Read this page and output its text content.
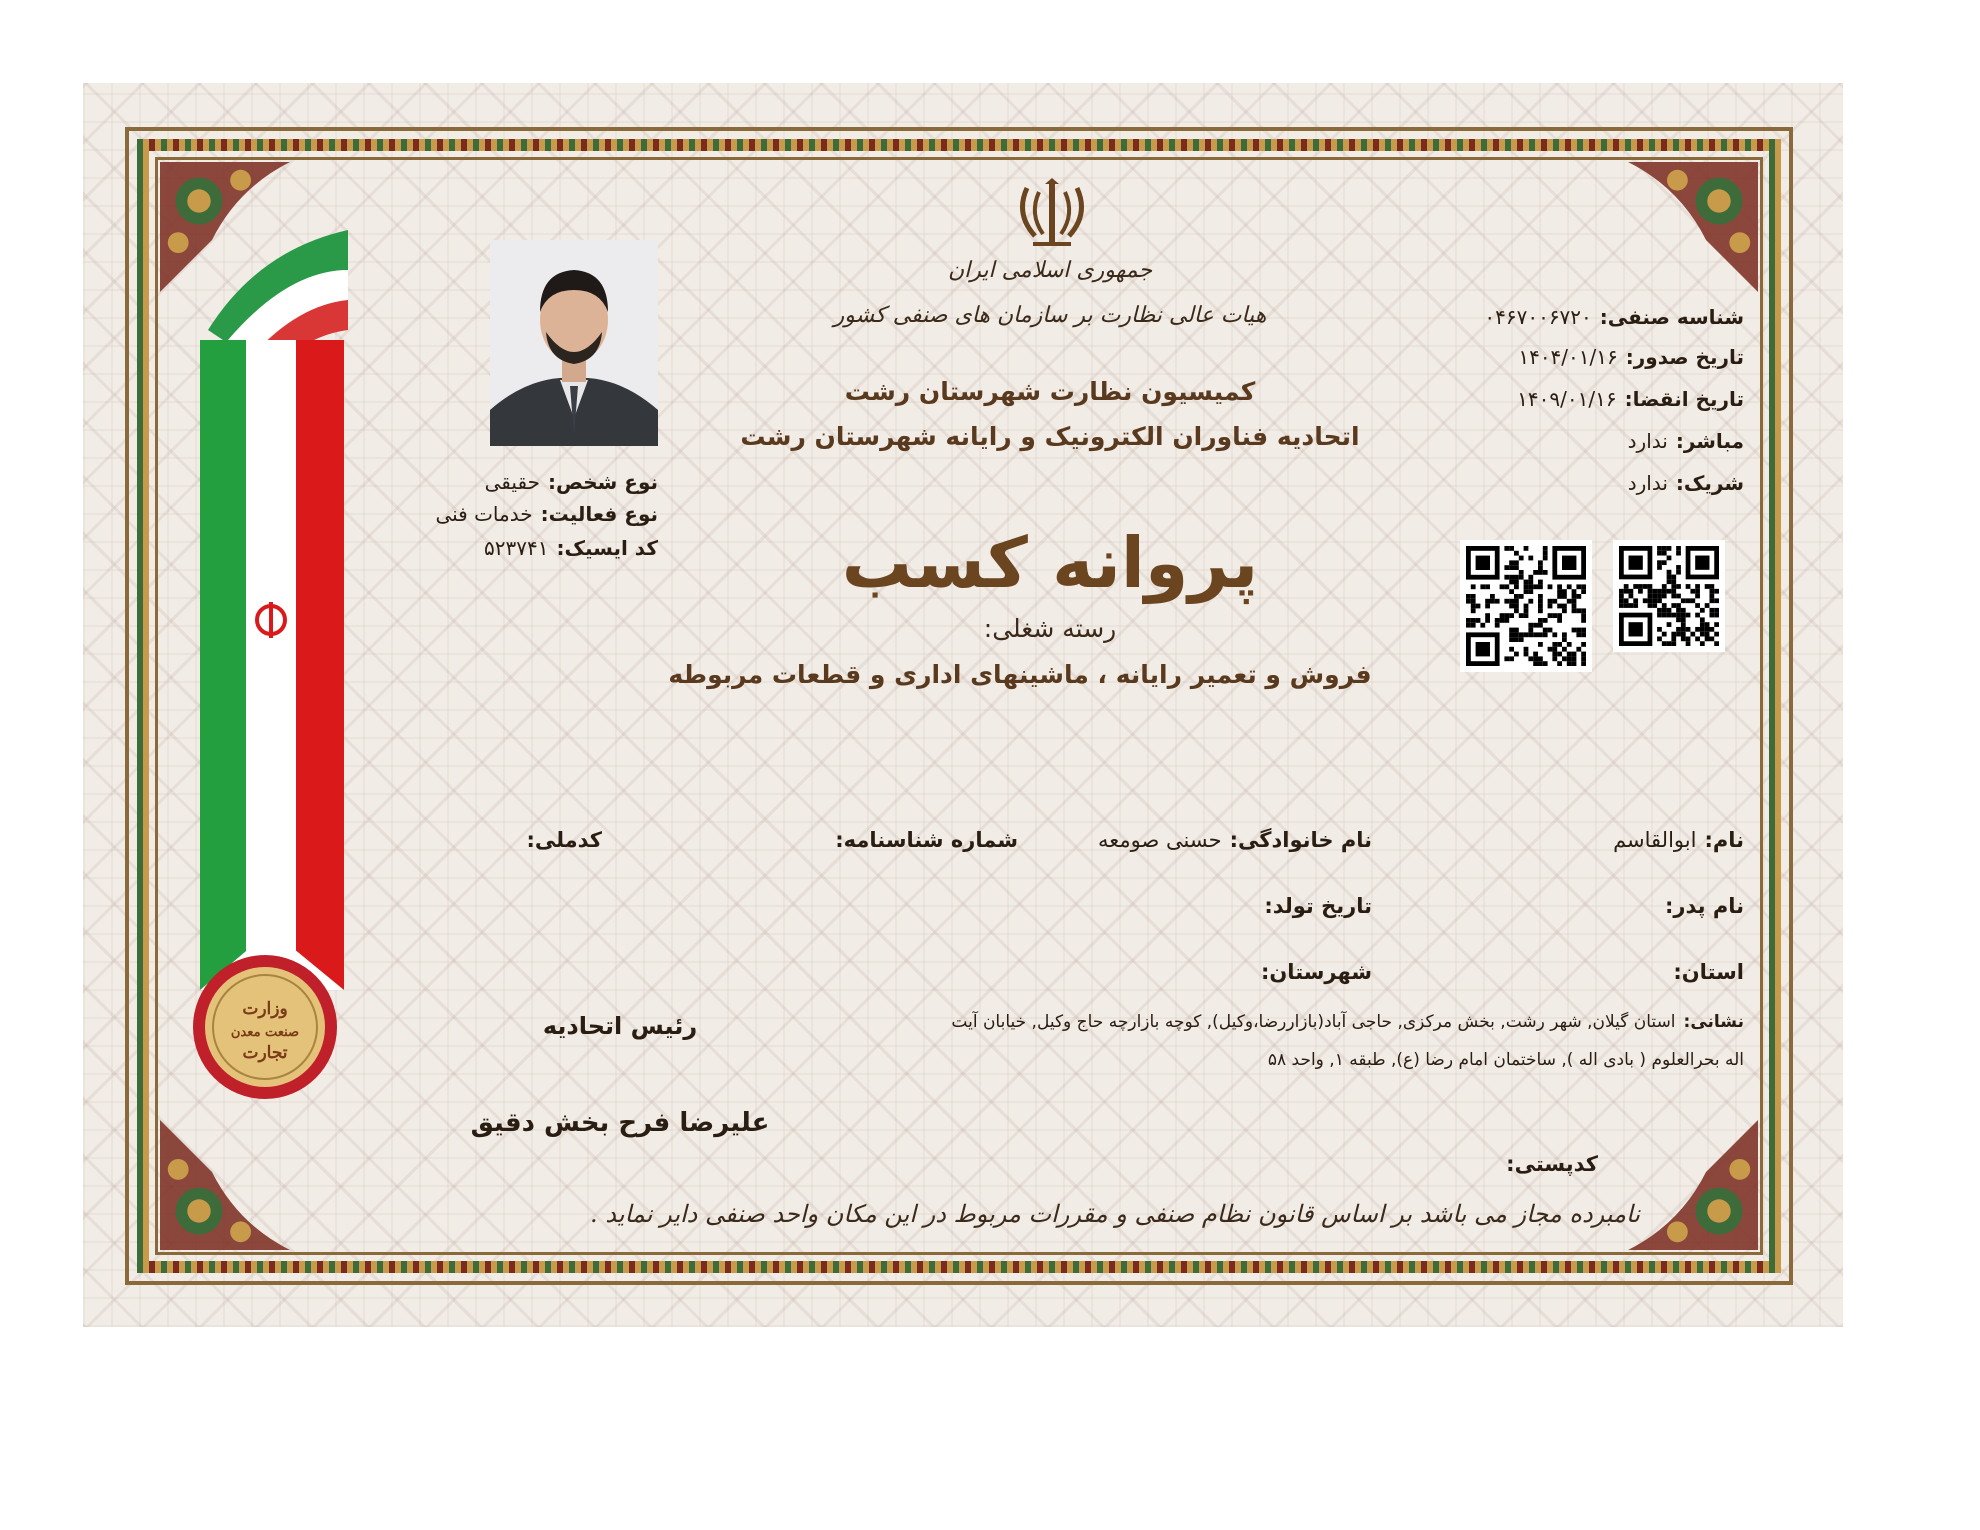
وزارت
صنعت معدن
تجارت
جمهوری اسلامی ایران
هیات عالی نظارت بر سازمان های صنفی کشور
کمیسیون نظارت شهرستان رشت
اتحادیه فناوران الکترونیک و رایانه شهرستان رشت
پروانه کسب
رسته شغلی:
فروش و تعمیر رایانه ، ماشینهای اداری و قطعات مربوطه
شناسه صنفی:۰۴۶۷۰۰۶۷۲۰
تاریخ صدور:۱۴۰۴/۰۱/۱۶
تاریخ انقضا:۱۴۰۹/۰۱/۱۶
مباشر:ندارد
شریک:ندارد
نوع شخص:حقیقی
نوع فعالیت:خدمات فنی
کد ایسیک:۵۲۳۷۴۱
نام:ابوالقاسم
نام خانوادگی:حسنی صومعه
شماره شناسنامه:
کدملی:
نام پدر:
تاریخ تولد:
استان:
شهرستان:
نشانی:استان گیلان, شهر رشت, بخش مرکزی, حاجی آباد(بازاررضا،وکیل), کوچه بازارچه حاج وکیل, خیابان آیت
اله بحرالعلوم ( بادی اله ), ساختمان امام رضا (ع), طبقه ۱, واحد ۵۸
کدپستی:
رئیس اتحادیه
علیرضا فرح بخش دقیق
نامبرده مجاز می باشد بر اساس قانون نظام صنفی و مقررات مربوط در این مکان واحد صنفی دایر نماید .
